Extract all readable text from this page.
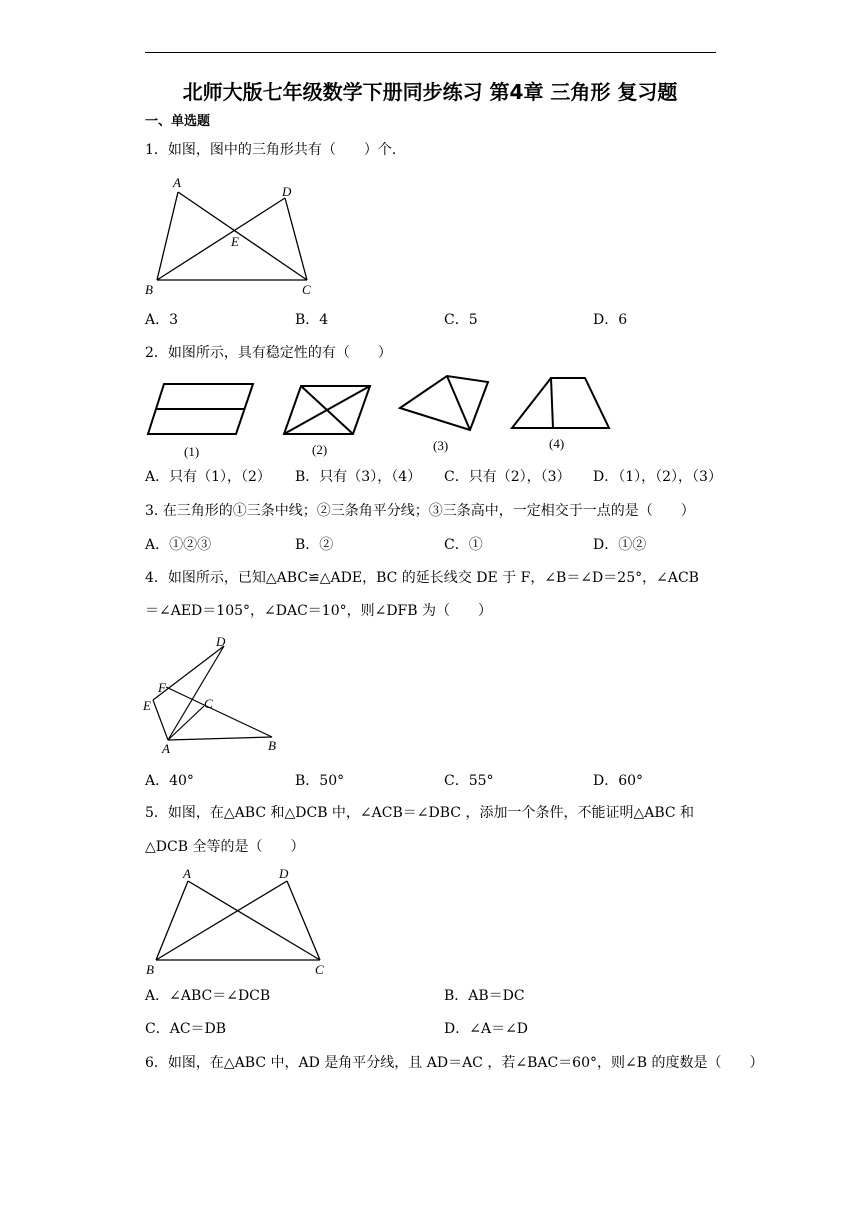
北师大版七年级数学下册同步练习 第4章 三角形 复习题
一、单选题
1．如图，图中的三角形共有（　　）个．
A
D
E
B	C
A．3	B．4	C．5	D．6
2．如图所示，具有稳定性的有（　　）
(1)	(2)	(3)	(4)
A．只有（1），（2） B．只有（3），（4） C．只有（2），（3） D．（1），（2），（3）
3. 在三角形的①三条中线；②三条角平分线；③三条高中，一定相交于一点的是（　　）
A．①②③	B．②	C．①	D．①②
4．如图所示，已知△ABC≌△ADE，BC 的延长线交 DE 于 F，∠B＝∠D＝25°，∠ACB
＝∠AED＝105°，∠DAC＝10°，则∠DFB 为（　　）
D
F
E	C
A	B
A．40°	B．50°	C．55°	D．60°
5．如图，在△ABC 和△DCB 中，∠ACB＝∠DBC ，添加一个条件，不能证明△ABC 和
△DCB 全等的是（　　）
A	D
B	C
A．∠ABC＝∠DCB	B．AB＝DC
C．AC＝DB	D．∠A＝∠D
6．如图，在△ABC 中，AD 是角平分线，且 AD＝AC ，若∠BAC＝60°，则∠B 的度数是（　　）
